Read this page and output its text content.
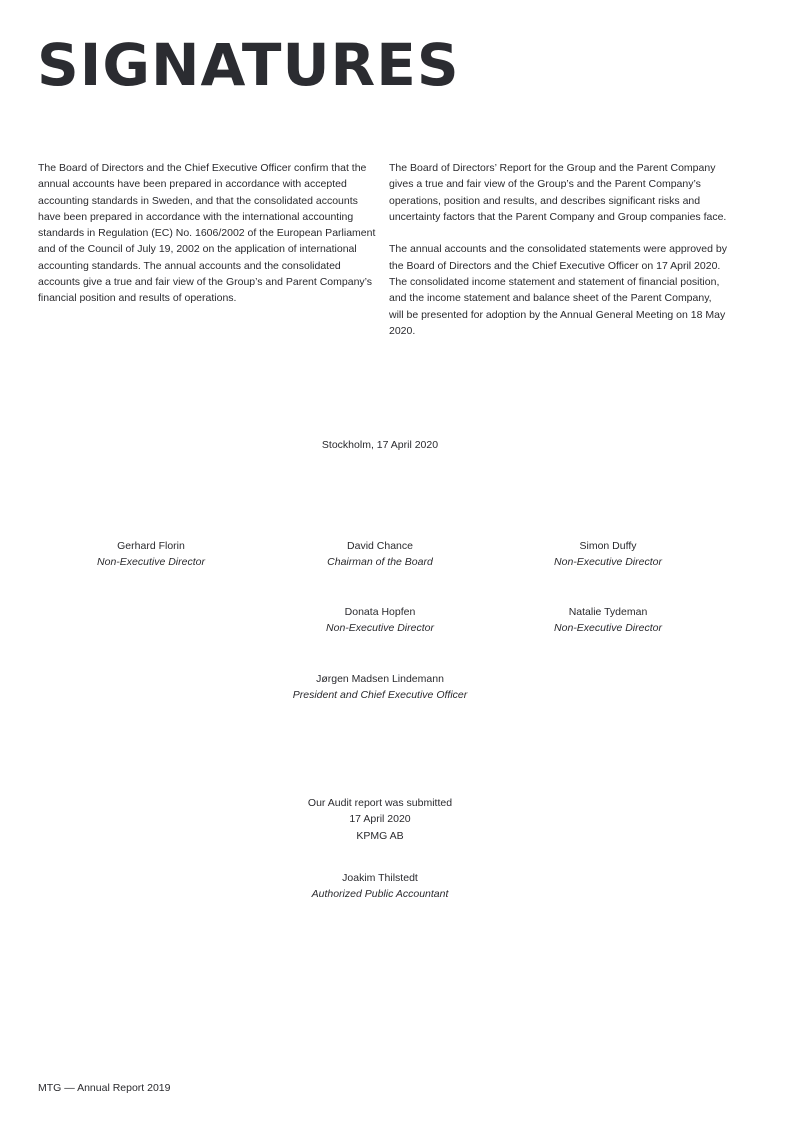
SIGNATURES

The Board of Directors and the Chief Executive Officer confirm that the annual accounts have been prepared in accordance with accepted accounting standards in Sweden, and that the consolidated accounts have been prepared in accordance with the international accounting standards in Regulation (EC) No. 1606/2002 of the European Parliament and of the Council of July 19, 2002 on the application of international accounting standards. The annual accounts and the consolidated accounts give a true and fair view of the Group’s and Parent Company’s financial position and results of operations.

The Board of Directors’ Report for the Group and the Parent Company gives a true and fair view of the Group’s and the Parent Company’s operations, position and results, and describes significant risks and uncertainty factors that the Parent Company and Group companies face.

The annual accounts and the consolidated statements were approved by the Board of Directors and the Chief Executive Officer on 17 April 2020. The consolidated income statement and statement of financial position, and the income statement and balance sheet of the Parent Company, will be presented for adoption by the Annual General Meeting on 18 May 2020.

Stockholm, 17 April 2020
Gerhard Florin
Non-Executive Director
David Chance
Chairman of the Board
Simon Duffy
Non-Executive Director
Donata Hopfen
Non-Executive Director
Natalie Tydeman
Non-Executive Director
Jørgen Madsen Lindemann
President and Chief Executive Officer
Our Audit report was submitted
17 April 2020
KPMG AB
Joakim Thilstedt
Authorized Public Accountant
MTG — Annual Report 2019
